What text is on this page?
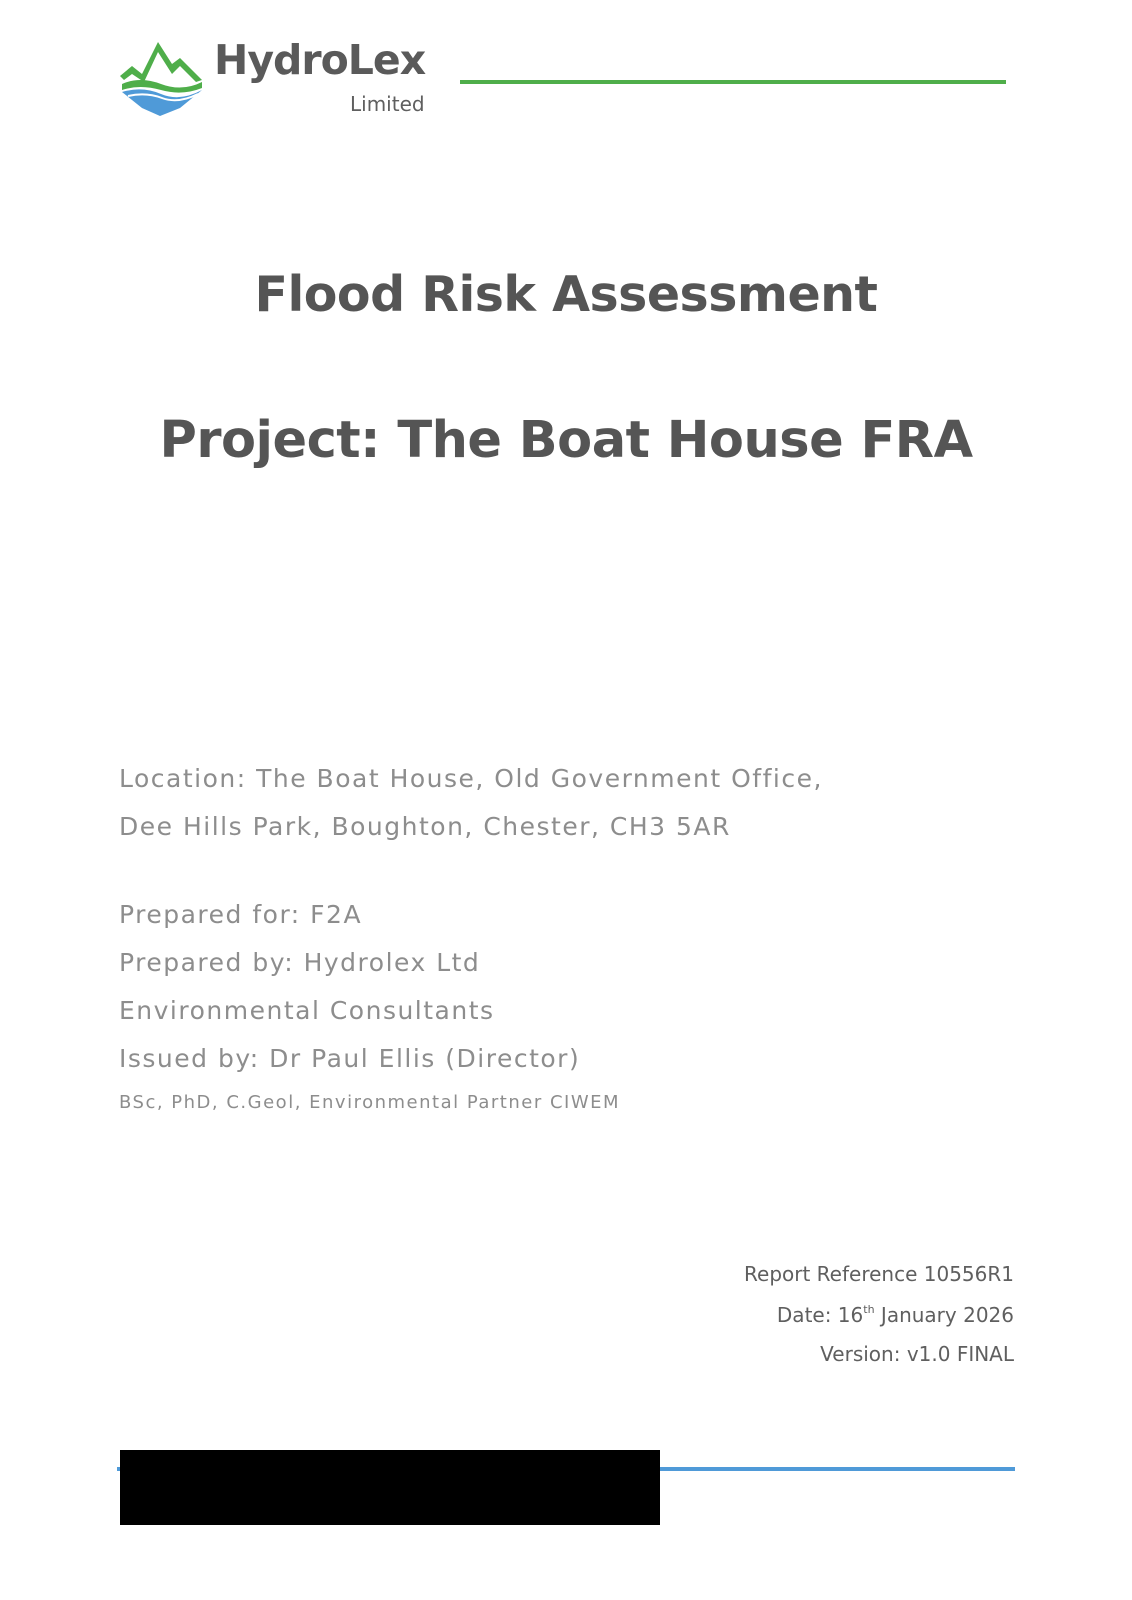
HydroLex
Limited
Flood Risk Assessment
Project: The Boat House FRA
Location: The Boat House, Old Government Office,
Dee Hills Park, Boughton, Chester, CH3 5AR
Prepared for: F2A
Prepared by: Hydrolex Ltd
Environmental Consultants
Issued by: Dr Paul Ellis (Director)
BSc, PhD, C.Geol, Environmental Partner CIWEM
Report Reference 10556R1
Date: 16th January 2026
Version: v1.0 FINAL
